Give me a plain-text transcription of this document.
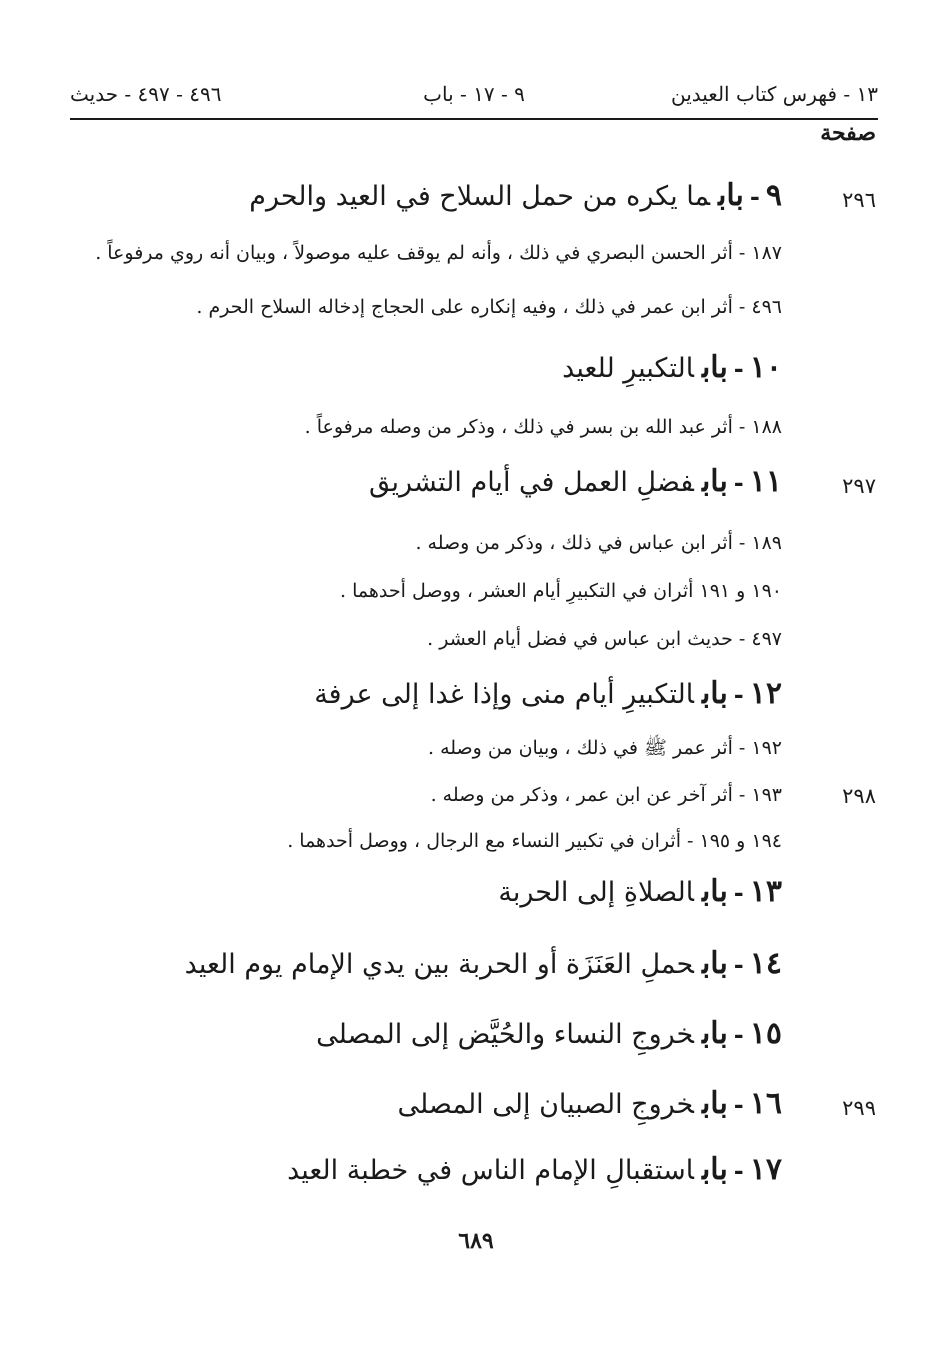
١٣ - فهرس كتاب العيدين
٩ - ١٧ - باب
٤٩٦ - ٤٩٧ - حديث
صفحة
٢٩٦
٩-بابما يكره من حمل السلاح في العيد والحرم
١٨٧ - أثر الحسن البصري في ذلك ، وأنه لم يوقف عليه موصولاً ، وبيان أنه روي مرفوعاً .
٤٩٦ - أثر ابن عمر في ذلك ، وفيه إنكاره على الحجاج إدخاله السلاح الحرم .
١٠-بابالتكبيرِ للعيد
١٨٨ - أثر عبد الله بن بسر في ذلك ، وذكر من وصله مرفوعاً .
٢٩٧
١١-بابفضلِ العمل في أيام التشريق
١٨٩ - أثر ابن عباس في ذلك ، وذكر من وصله .
١٩٠ و ١٩١ أثران في التكبيرِ أيام العشر ، ووصل أحدهما .
٤٩٧ - حديث ابن عباس في فضل أيام العشر .
١٢-بابالتكبيرِ أيام منى وإذا غدا إلى عرفة
١٩٢ - أثر عمر ﷺ في ذلك ، وبيان من وصله .
٢٩٨
١٩٣ - أثر آخر عن ابن عمر ، وذكر من وصله .
١٩٤ و ١٩٥ - أثران في تكبير النساء مع الرجال ، ووصل أحدهما .
١٣-بابالصلاةِ إلى الحربة
١٤-بابحملِ العَنَزَة أو الحربة بين يدي الإمام يوم العيد
١٥-بابخروجِ النساء والحُيَّض إلى المصلى
٢٩٩
١٦-بابخروجِ الصبيان إلى المصلى
١٧-باباستقبالِ الإمام الناس في خطبة العيد
٦٨٩
